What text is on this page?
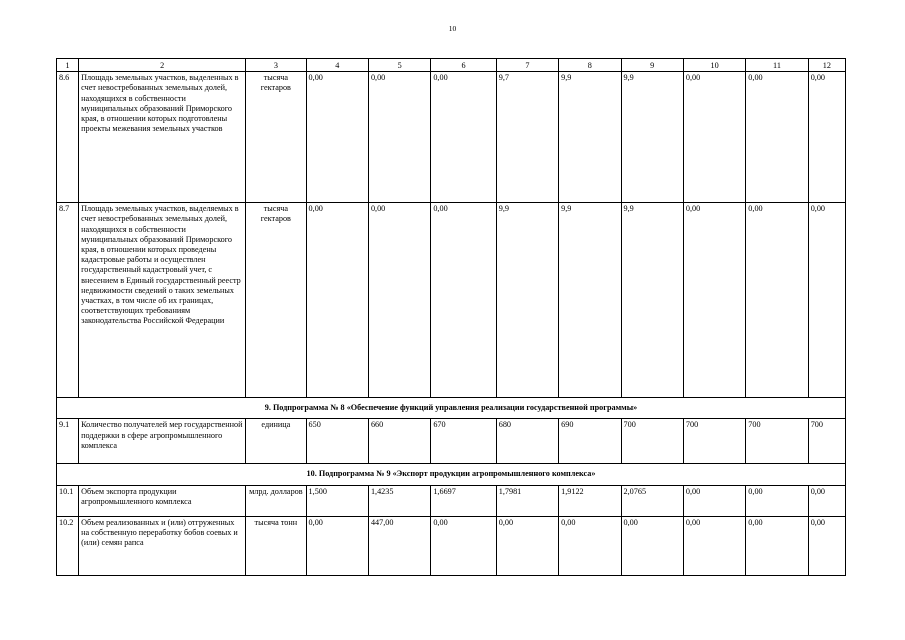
10
1	2	3	4	5	6	7	8	9	10	11	12
8.6	Площадь земельных участков, выделенных в счет невостребованных земельных долей, находящихся в собственности муниципальных образований Приморского края, в отношении которых подготовлены проекты межевания земельных участков	тысяча гектаров	0,00	0,00	0,00	9,7	9,9	9,9	0,00	0,00	0,00
8.7	Площадь земельных участков, выделяемых в счет невостребованных земельных долей, находящихся в собственности муниципальных образований Приморского края, в отношении которых проведены кадастровые работы и осуществлен государственный кадастровый учет, с внесением в Единый государственный реестр недвижимости сведений о таких земельных участках, в том числе об их границах, соответствующих требованиям законодательства Российской Федерации	тысяча гектаров	0,00	0,00	0,00	9,9	9,9	9,9	0,00	0,00	0,00
9. Подпрограмма № 8 «Обеспечение функций управления реализации государственной программы»											
9.1	Количество получателей мер государственной поддержки в сфере агропромышленного комплекса	единица	650	660	670	680	690	700	700	700	700
10. Подпрограмма № 9 «Экспорт продукции агропромышленного комплекса»											
10.1	Объем экспорта продукции агропромышленного комплекса	млрд. долларов	1,500	1,4235	1,6697	1,7981	1,9122	2,0765	0,00	0,00	0,00
10.2	Объем реализованных и (или) отгруженных на собственную переработку бобов соевых и (или) семян рапса	тысяча тонн	0,00	447,00	0,00	0,00	0,00	0,00	0,00	0,00	0,00
